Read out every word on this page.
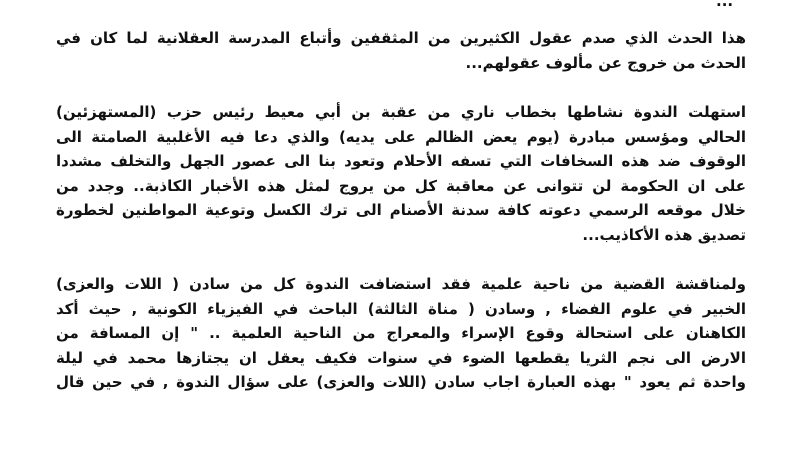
...

هذا الحدث الذي صدم عقول الكثيرين من المثقفين وأتباع المدرسة العقلانية لما كان في
الحدث من خروج عن مألوف عقولهم...

استهلت الندوة نشاطها بخطاب ناري من عقبة بن أبي معيط رئيس حزب (المستهزئين)
الحالي ومؤسس مبادرة (يوم يعض الظالم على يديه) والذي دعا فيه الأغلبية الصامتة الى
الوقوف ضد هذه السخافات التي تسفه الأحلام وتعود بنا الى عصور الجهل والتخلف مشددا
على ان الحكومة لن تتوانى عن معاقبة كل من يروج لمثل هذه الأخبار الكاذبة.. وجدد من
خلال موقعه الرسمي دعوته كافة سدنة الأصنام الى ترك الكسل وتوعية المواطنين لخطورة
تصديق هذه الأكاذيب...

ولمناقشة القضية من ناحية علمية فقد استضافت الندوة كل من سادن ( اللات والعزى)
الخبير في علوم الفضاء , وسادن ( مناة الثالثة) الباحث في الفيزياء الكونية , حيث أكد
الكاهنان على استحالة وقوع الإسراء والمعراج من الناحية العلمية .. " إن المسافة من
الارض الى نجم الثريا يقطعها الضوء في سنوات فكيف يعقل ان يجتازها محمد في ليلة
واحدة ثم يعود " بهذه العبارة اجاب سادن (اللات والعزى) على سؤال الندوة , في حين قال
